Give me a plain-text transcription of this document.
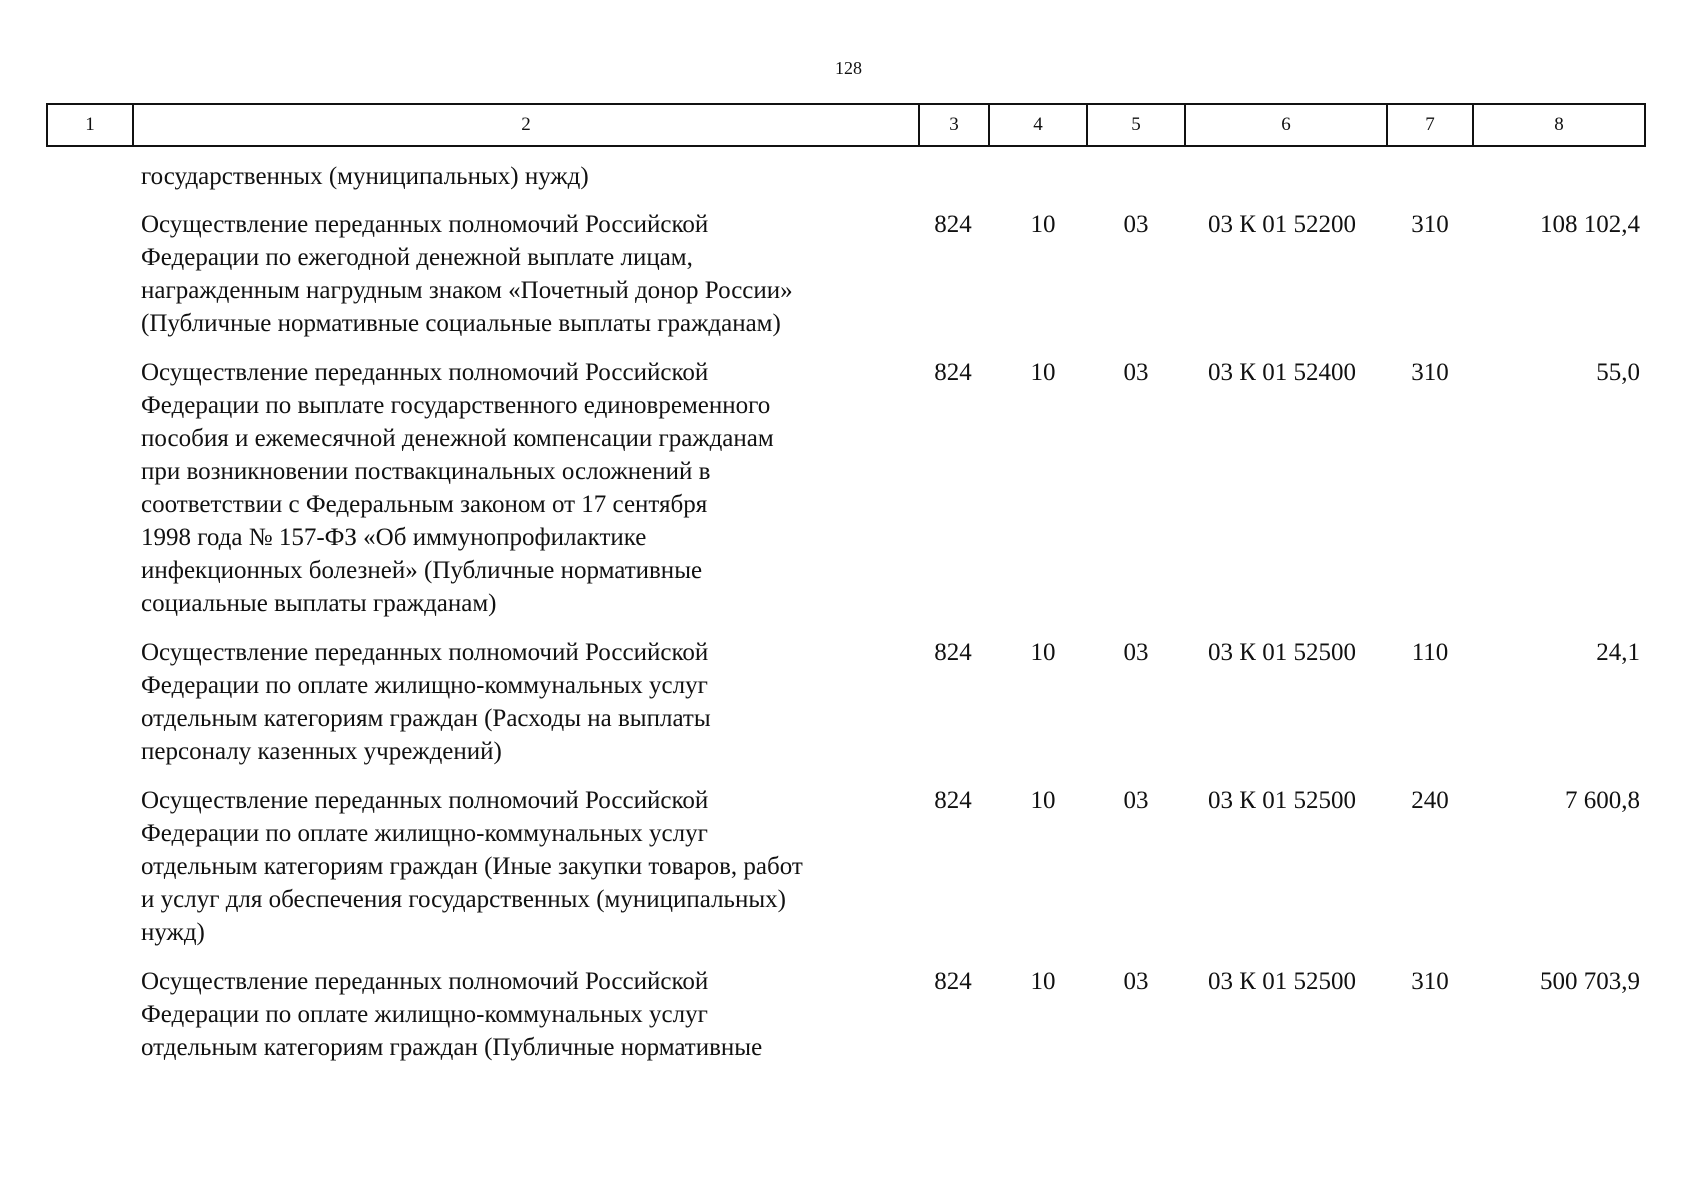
128
1	2	3	4	5	6	7	8
государственных (муниципальных) нужд)
Осуществление переданных полномочий Российской
Федерации по ежегодной денежной выплате лицам,
награжденным нагрудным знаком «Почетный донор России»
(Публичные нормативные социальные выплаты гражданам)
824	10	03	03 К 01 52200	310	108 102,4
Осуществление переданных полномочий Российской
Федерации по выплате государственного единовременного
пособия и ежемесячной денежной компенсации гражданам
при возникновении поствакцинальных осложнений в
соответствии с Федеральным законом от 17 сентября
1998 года № 157-ФЗ «Об иммунопрофилактике
инфекционных болезней» (Публичные нормативные
социальные выплаты гражданам)
824	10	03	03 К 01 52400	310	55,0
Осуществление переданных полномочий Российской
Федерации по оплате жилищно-коммунальных услуг
отдельным категориям граждан (Расходы на выплаты
персоналу казенных учреждений)
824	10	03	03 К 01 52500	110	24,1
Осуществление переданных полномочий Российской
Федерации по оплате жилищно-коммунальных услуг
отдельным категориям граждан (Иные закупки товаров, работ
и услуг для обеспечения государственных (муниципальных)
нужд)
824	10	03	03 К 01 52500	240	7 600,8
Осуществление переданных полномочий Российской
Федерации по оплате жилищно-коммунальных услуг
отдельным категориям граждан (Публичные нормативные
824	10	03	03 К 01 52500	310	500 703,9
